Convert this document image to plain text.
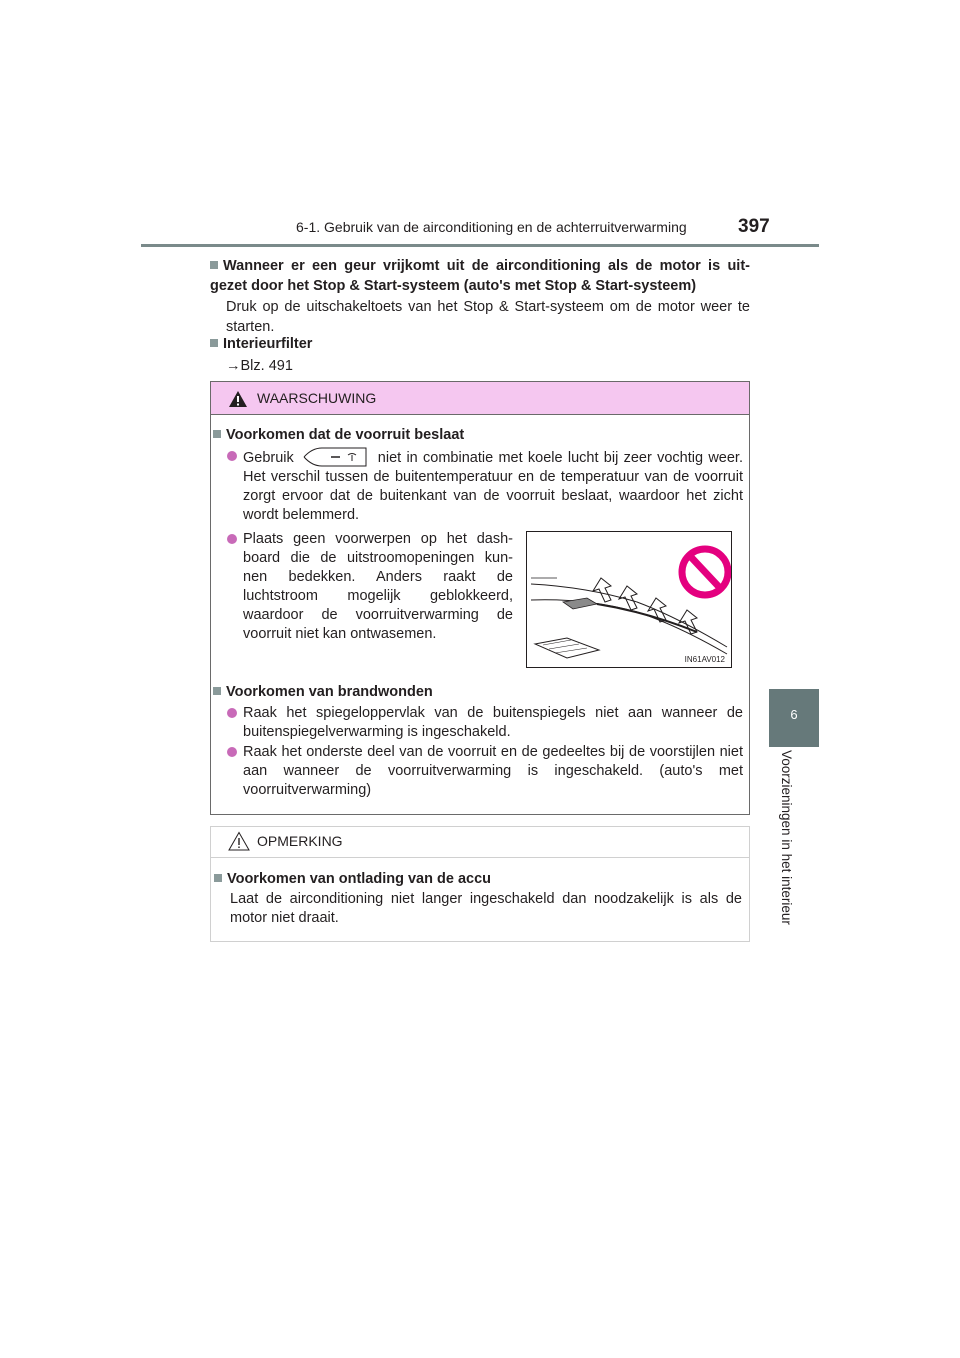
6-1. Gebruik van de airconditioning en de achterruitverwarming	397
6
Voorzieningen in het interieur
Wanneer er een geur vrijkomt uit de airconditioning als de motor is uit- gezet door het Stop & Start-systeem (auto's met Stop & Start-systeem)
Druk op de uitschakeltoets van het Stop & Start-systeem om de motor weer te starten.
Interieurfilter
→Blz. 491
WAARSCHUWING
Voorkomen dat de voorruit beslaat
Gebruik	niet in combinatie met koele lucht bij zeer vochtig weer. Het verschil tussen de buitentemperatuur en de temperatuur van de voorruit zorgt ervoor dat de buitenkant van de voorruit beslaat, waardoor het zicht wordt belemmerd.
Plaats geen voorwerpen op het dash- board die de uitstroomopeningen kun- nen bedekken. Anders raakt de luchtstroom mogelijk geblokkeerd, waardoor de voorruitverwarming de voorruit niet kan ontwasemen.
IN61AV012
Voorkomen van brandwonden
Raak het spiegeloppervlak van de buitenspiegels niet aan wanneer de buitenspiegelverwarming is ingeschakeld.
Raak het onderste deel van de voorruit en de gedeeltes bij de voorstijlen niet aan wanneer de voorruitverwarming is ingeschakeld. (auto's met voorruitverwarming)
OPMERKING
Voorkomen van ontlading van de accu
Laat de airconditioning niet langer ingeschakeld dan noodzakelijk is als de motor niet draait.
